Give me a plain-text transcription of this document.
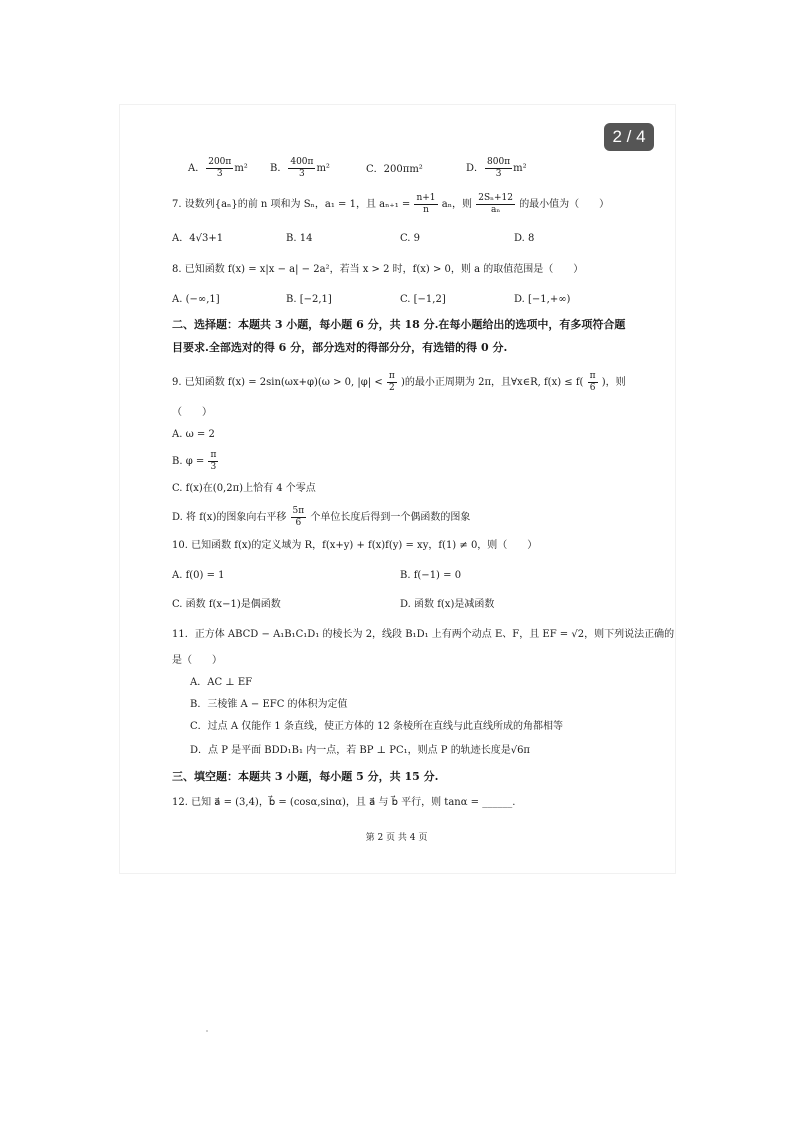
2 / 4
A． $\frac{200\pi}{3} m^2$ B． $\frac{400\pi}{3} m^2$	C．200πm²	D． $\frac{800\pi}{3} m^2$
7. 设数列{aₙ}的前 n 项和为 Sₙ，a₁ = 1，且 $a_{n+1} = \frac{n+1}{n}$ aₙ，则 $\frac{\text{2Sₙ+12}}{\text{aₙ}}$ 的最小值为（　　）
A．4√3+1	B. 14	C. 9	D. 8
8. 已知函数 f(x) = x|x − a| − 2a²，若当 x > 2 时，f(x) > 0，则 a 的取值范围是（　　）
A. (−∞,1]	B. [−2,1]	C. [−1,2]	D. [−1,+∞)
二、选择题：本题共 3 小题，每小题 6 分，共 18 分.在每小题给出的选项中，有多项符合题
目要求.全部选对的得 6 分，部分选对的得部分分，有选错的得 0 分.
9. 已知函数 f(x) = 2sin(ωx+φ)(ω > 0, $|\varphi| < \frac{\pi}{2}$ )的最小正周期为 2π，且∀x∈R, $f(x) \le f( \frac{\pi}{6}$ )，则
（　　）
A. ω = 2
B. $\varphi = \frac{\pi}{3}$
C. f(x)在(0,2π)上恰有 4 个零点
D. 将 f(x)的图象向右平移 $\frac{5\pi}{6}$ 个单位长度后得到一个偶函数的图象
10. 已知函数 f(x)的定义域为 R，f(x+y) + f(x)f(y) = xy，f(1) ≠ 0，则（　　）
A. f(0) = 1	B. f(−1) = 0
C. 函数 f(x−1)是偶函数	D. 函数 f(x)是减函数
11．正方体 ABCD − A₁B₁C₁D₁ 的棱长为 2，线段 B₁D₁ 上有两个动点 E、F，且 EF = √2，则下列说法正确的
是（　　）
A．AC ⊥ EF
B．三棱锥 A − EFC 的体积为定值
C．过点 A 仅能作 1 条直线，使正方体的 12 条棱所在直线与此直线所成的角都相等
D．点 P 是平面 BDD₁B₁ 内一点，若 BP ⊥ PC₁，则点 P 的轨迹长度是√6π
三、填空题：本题共 3 小题，每小题 5 分，共 15 分.
12. 已知 a⃗ = (3,4)，b⃗ = (cosα,sinα)，且 a⃗ 与 b⃗ 平行，则 tanα = ______.
第 2 页 共 4 页
